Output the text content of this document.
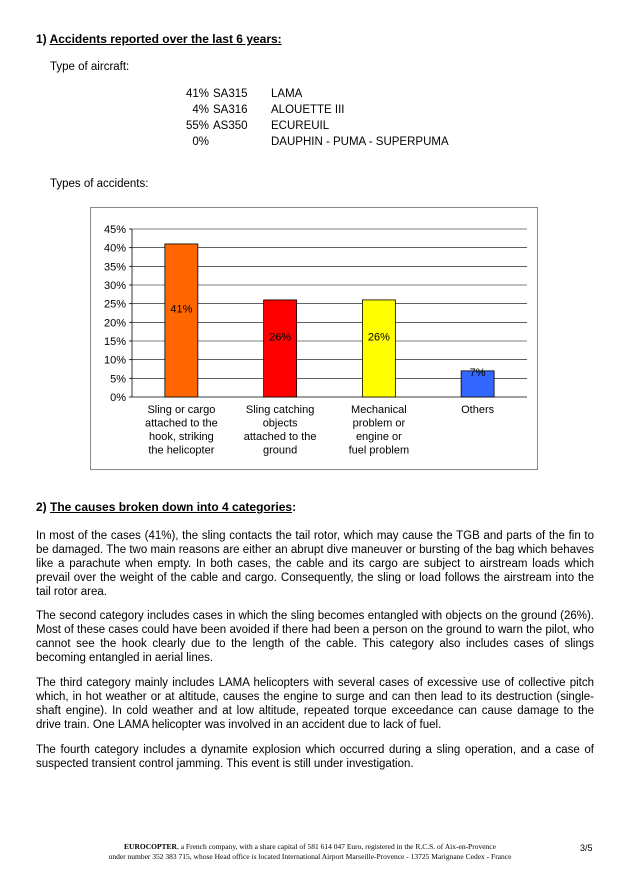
1) Accidents reported over the last 6 years:
Type of aircraft:
41%	SA315	LAMA
4%	SA316	ALOUETTE III
55%	AS350	ECUREUIL
0%		DAUPHIN - PUMA - SUPERPUMA
Types of accidents:
0%
5%
10%
15%
20%
25%
30%
35%
40%
45%
41%
Sling or cargo
attached to the
hook, striking
the helicopter
26%
Sling catching
objects
attached to the
ground
26%
Mechanical
problem or
engine or
fuel problem
7%
Others
2) The causes broken down into 4 categories:
In most of the cases (41%), the sling contacts the tail rotor, which may cause the TGB and parts of the fin to be damaged. The two main reasons are either an abrupt dive maneuver or bursting of the bag which behaves like a parachute when empty. In both cases, the cable and its cargo are subject to airstream loads which prevail over the weight of the cable and cargo. Consequently, the sling or load follows the airstream into the tail rotor area.
The second category includes cases in which the sling becomes entangled with objects on the ground (26%). Most of these cases could have been avoided if there had been a person on the ground to warn the pilot, who cannot see the hook clearly due to the length of the cable. This category also includes cases of slings becoming entangled in aerial lines.
The third category mainly includes LAMA helicopters with several cases of excessive use of collective pitch which, in hot weather or at altitude, causes the engine to surge and can then lead to its destruction (single-shaft engine). In cold weather and at low altitude, repeated torque exceedance can cause damage to the drive train. One LAMA helicopter was involved in an accident due to lack of fuel.
The fourth category includes a dynamite explosion which occurred during a sling operation, and a case of suspected transient control jamming. This event is still under investigation.
EUROCOPTER, a French company, with a share capital of 581 614 047 Euro, registered in the R.C.S. of Aix-en-Provence
under number 352 383 715, whose Head office is located International Airport Marseille-Provence - 13725 Marignane Cedex - France
3/5
